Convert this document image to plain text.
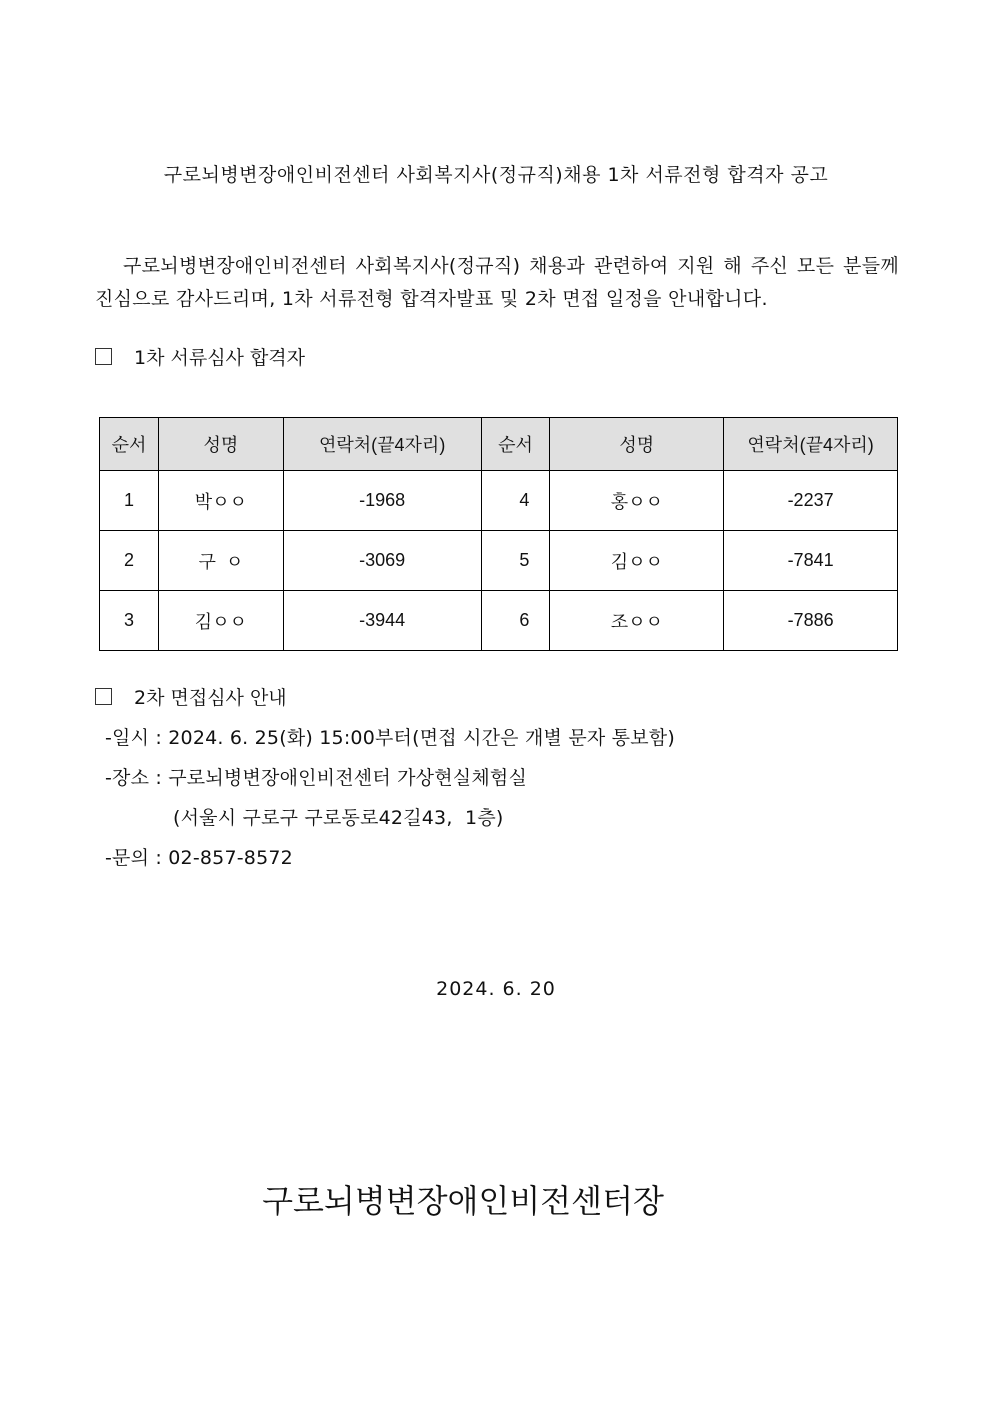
구로뇌병변장애인비전센터 사회복지사(정규직)채용 1차 서류전형 합격자 공고
구로뇌병변장애인비전센터 사회복지사(정규직) 채용과 관련하여 지원 해 주신 모든 분들께 진심으로 감사드리며, 1차 서류전형 합격자발표 및 2차 면접 일정을 안내합니다.
1차 서류심사 합격자
순서	성명	연락처(끝4자리)	순서	성명	연락처(끝4자리)
1	박ㅇㅇ	-1968	4	홍ㅇㅇ	-2237
2	구  ㅇ	-3069	5	김ㅇㅇ	-7841
3	김ㅇㅇ	-3944	6	조ㅇㅇ	-7886
2차 면접심사 안내
-일시 : 2024. 6. 25(화) 15:00부터(면접 시간은 개별 문자 통보함)
-장소 : 구로뇌병변장애인비전센터 가상현실체험실
(서울시 구로구 구로동로42길43,  1층)
-문의 : 02-857-8572
2024. 6. 20
구로뇌병변장애인비전센터장
